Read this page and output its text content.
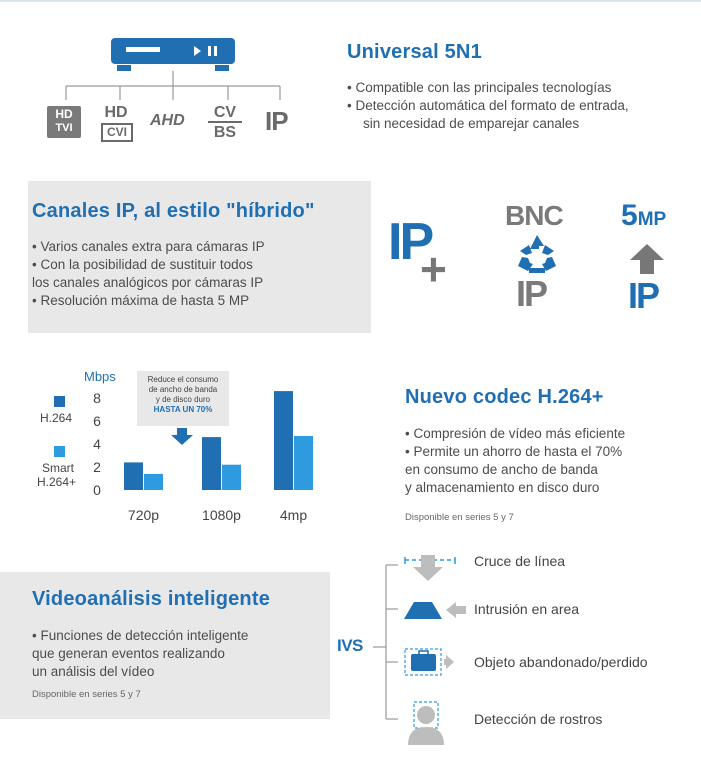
HD
TVI
HD
CVI
AHD	CV
BS IP
Universal 5N1
• Compatible con las principales tecnologías
• Detección automática del formato de entrada,
sin necesidad de emparejar canales
Canales IP, al estilo "híbrido"
• Varios canales extra para cámaras IP
• Con la posibilidad de sustituir todos
los canales analógicos por cámaras IP
• Resolución máxima de hasta 5 MP
IP
+
BNC
IP
5MP
IP
Mbps
H.264
Smart
H.264+
8
6
4
2
0
720p	1080p	4mp
Reduce el consumo
de ancho de banda
y de disco duro
HASTA UN 70%
Nuevo codec H.264+
• Compresión de vídeo más eficiente
• Permite un ahorro de hasta el 70%
en consumo de ancho de banda
y almacenamiento en disco duro
Disponible en series 5 y 7
Videoanálisis inteligente
• Funciones de detección inteligente
que generan eventos realizando
un análisis del vídeo
Disponible en series 5 y 7
IVS
Cruce de línea
Intrusión en area
Objeto abandonado/perdido
Detección de rostros
